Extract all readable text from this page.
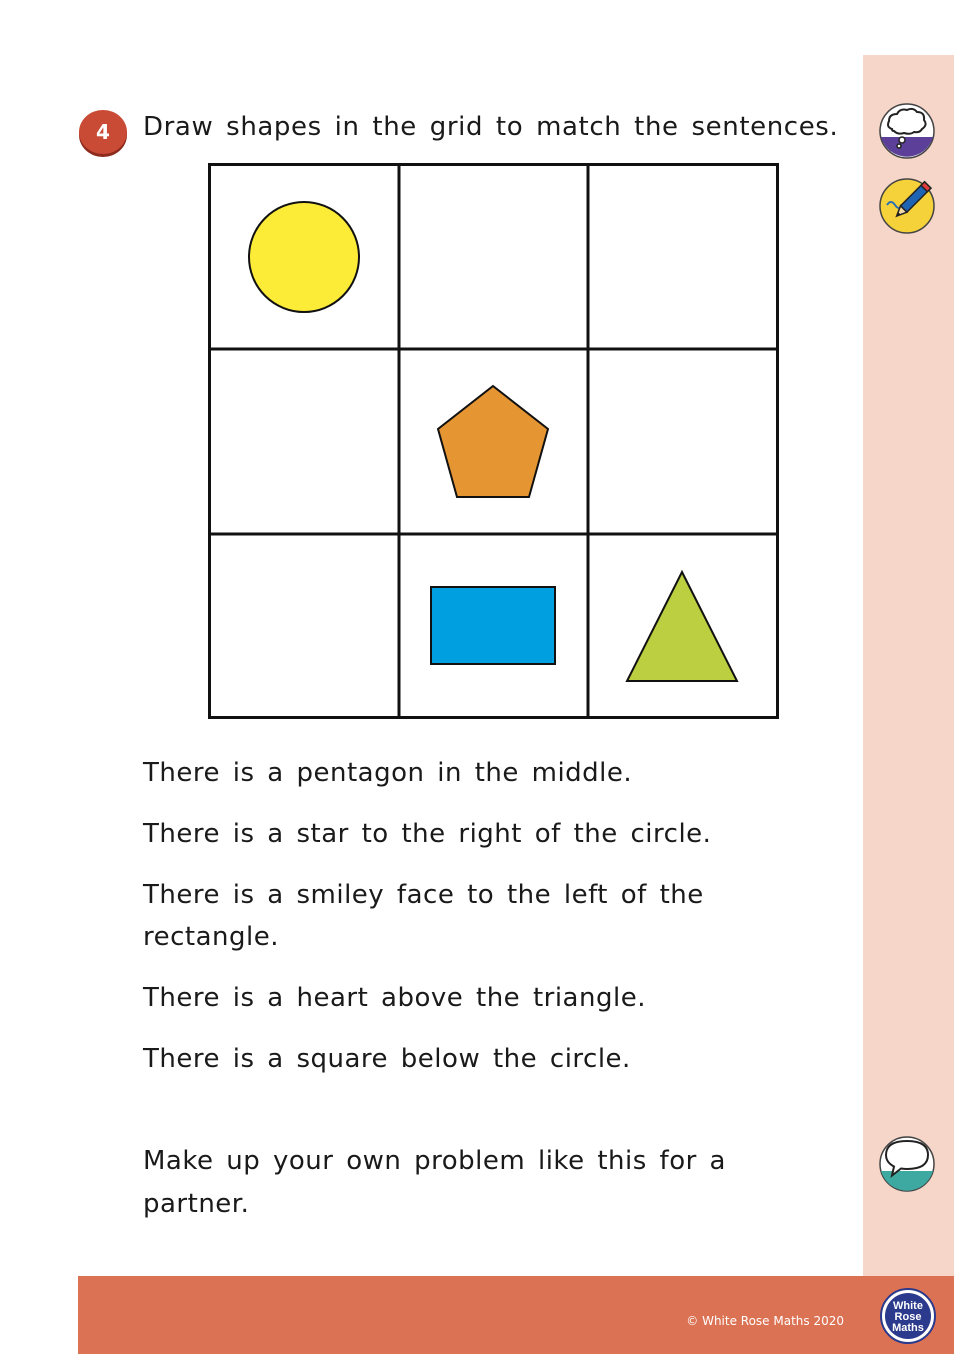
4	Draw shapes in the grid to match the sentences.

There is a pentagon in the middle.

There is a star to the right of the circle.

There is a smiley face to the left of the rectangle.

There is a heart above the triangle.

There is a square below the circle.

Make up your own problem like this for a partner.
© White Rose Maths 2020
White
Rose
Maths
